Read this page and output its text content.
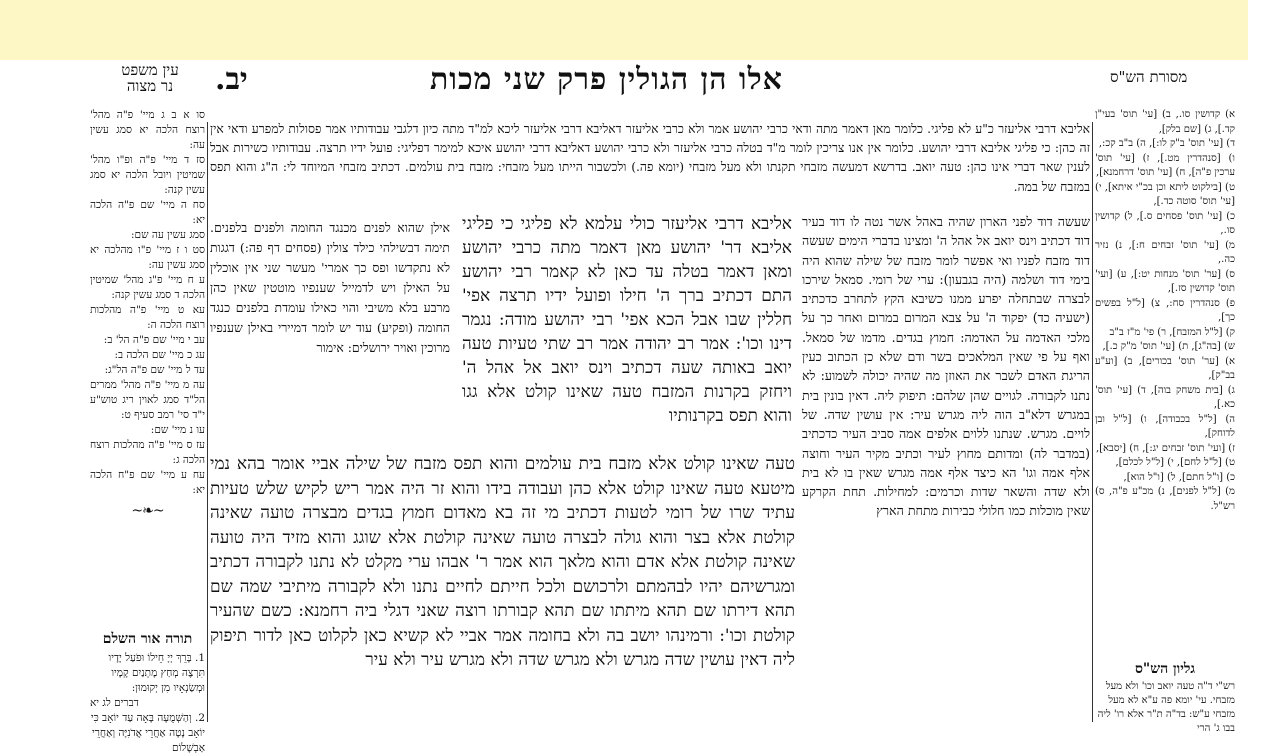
עין משפט
נר מצוה	יב.	אלו הן הגולין פרק שני מכות	מסורת הש"ס
א) קדושין סו., ב) [עי' תוס' בעי"ן קד.], ג) [שם בלק],
ד) [עי' תוס' ב"ק לו:], ה) ב"ב קכ:,
ו) [סנהדרין מט.], ז) [עי' תוס' ערכין פ"ה], ח) [עי' תוס' דרחמנא],
ט) [בילקוט ליתא וכן בכ"י איתא], י) [עי' תוס' סוטה כד.],
כ) [עי' תוס' פסחים ס.], ל) קדושין סו.,
מ) [עי' תוס' זבחים ח:], נ) נזיר כה.,
ס) [ער' תוס' מנחות יט:], ע) [ועי' תוס' קדושין סז.],
פ) סנהדרין סח:, צ) [ל"ל בפשים כך],
ק) [ל"ל המזבח], ר) פי' מ"ז ב"ב
ש) [בה"ג], ת) [עי' תוס' מ"ק כ.],
א) [ער' תוס' בכורים], ב) [וע"ע בב"ק],
ג) [בית משחק בוה], ד) [עי' תוס' כא.],
ה) [ל"ל בכבודה], ו) [ל"ל ובן לדוחק],
ז) [ועי' תוס' זבחים יג:], ח) [יסבא],
ט) [ל"ל לחם], י) [ל"ל לכלם],
כ) [ו"ל חתם], ל) [ו"ל הוא],
מ) [ל"ל לפנים], נ) מכ"ע פ"ה, ס) רש"ל.
גליון הש"ס
רש"י ד"ה טעה יואב וכו' ולא מעל מזבחי. עי' יומא פה ע"א לא מעל מזבחי ע"ש: בד"ה ת"ר אלא רו' ליה בבו ג' הרי
אליבא דרבי אליעזר כ"ע לא פליגי. כלומר מאן דאמר מתה ודאי כרבי יהושע אמר ולא כרבי אליעזר דאליבא דרבי אליעזר ליכא למ"ד מתה כיון דלגבי עבודותיו אמר פסולות למפרע ודאי אין זה כהן: כי פליגי אליבא דרבי יהושע. כלומר אין אנו צריכין לומר מ"ד בטלה כרבי אליעזר ולא כרבי יהושע דאליבא דרבי יהושע איכא למימר דפליגי: פועל ידיו תרצה. עבודותיו כשירות אבל לענין שאר דברי אינו כהן: טעה יואב. בדרשא דמעשה מזבחי תקנתו ולא מעל מזבחי (יומא פה.) ולכשבור הייתו מעל מזבחי: מזבח בית עולמים. דכתיב מזבחי המיוחד לי: ה"ג והוא תפס במזבח של במה.
שעשה דוד לפני הארון שהיה באהל אשר נטה לו דוד בעיר דוד דכתיב וינס יואב אל אהל ה' ומצינו בדברי הימים שעשה דוד מזבח לפניו ואי אפשר לומר מזבח של שילה שהוא היה בימי דוד ושלמה (היה בגבעון): ערי של רומי. סמאל שירכו לבצרה שבתחלה יפרע ממנו כשיבא הקץ לתחרב כדכתיב (ישעיה כד) יפקוד ה' על צבא המרום במרום ואחר כך על מלכי האדמה על האדמה: חמוץ בגדים. מדמו של סמאל. ואף על פי שאין המלאכים בשר ודם שלא כן הכתוב כעין הריגת האדם לשבר את האוזן מה שהיה יכולה לשמוע: לא נתנו לקבורה. לגויים שהן שלהם: תיפוק ליה. דאין בונין בית במגרש דלא"ב הוה ליה מגרש עיר: אין עושין שדה. של לויים. מגרש. שנתנו ללוים אלפים אמה סביב העיר כדכתיב (במדבר לה) ומדותם מחוץ לעיר וכתיב מקיר העיר וחוצה אלף אמה וגו' הא כיצד אלף אמה מגרש שאין בו לא בית ולא שדה והשאר שדות וכרמים: למחילות. תחת הקרקע שאין מוכלות כמו חלולי כבירות מתחת הארץ
אליבא דרבי אליעזר כולי עלמא לא פליגי כי פליגי אליבא דר' יהושע מאן דאמר מתה כרבי יהושע ומאן דאמר בטלה עד כאן לא קאמר רבי יהושע התם דכתיב ברך ה' חילו ופועל ידיו תרצה אפי' חללין שבו אבל הכא אפי' רבי יהושע מודה: נגמר דינו וכו': אמר רב יהודה אמר רב שתי טעיות טעה יואב באותה שעה דכתיב וינס יואב אל אהל ה' ויחזק בקרנות המזבח טעה שאינו קולט אלא גגו והוא תפס בקרנותיו
אילן שהוא לפנים מכנגד החומה ולפנים בלפנים. תימה דבשילהי כילד צולין (פסחים דף פה:) דגגות לא נתקדשו ופס כך אמרי' מעשר שני אין אוכלין על האילן ויש לדמייל שענפיו מוטטין שאין כהן מרבע בלא משיבי והוי כאילו עומדת בלפנים כנגד החומה (ופקיע) עוד יש לומר דמיירי באילן שענפיו מרוכין ואויר ירושלים: אימור
טעה שאינו קולט אלא מזבח בית עולמים והוא תפס מזבח של שילה אביי אומר בהא נמי מיטעא טעה שאינו קולט אלא כהן ועבודה בידו והוא זר היה אמר ריש לקיש שלש טעיות עתיד שרו של רומי לטעות דכתיב מי זה בא מאדום חמוץ בגדים מבצרה טועה שאינה קולטת אלא בצר והוא גולה לבצרה טועה שאינה קולטת אלא שוגג והוא מזיד היה טועה שאינה קולטת אלא אדם והוא מלאך הוא אמר ר' אבהו ערי מקלט לא נתנו לקבורה דכתיב ומגרשיהם יהיו לבהמתם ולרכושם ולכל חייתם לחיים נתנו ולא לקבורה מיתיבי שמה שם תהא דירתו שם תהא מיתתו שם תהא קבורתו רוצה שאני דגלי ביה רחמנא: כשם שהעיר קולטת וכו': ורמינהו יושב בה ולא בחומה אמר אביי לא קשיא כאן לקלוט כאן לדור תיפוק ליה דאין עושין שדה מגרש ולא מגרש שדה ולא מגרש עיר ולא עיר
סו א ב ג מיי' פ"ה מהל' רוצח הלכה יא סמג עשין עה:
סז ד מיי' פ"ה ופ"ו מהל' שמיטין ויובל הלכה יא סמג עשין קנה:
סח ה מיי' שם פ"ה הלכה יא:
סמג עשין עה שם:
סט ו ז מיי' פ"ו מהלכה יא סמג עשין עה:
ע ח מיי' פ"ג מהל' שמיטין הלכה ד סמג עשין קנה:
עא ט מיי' פ"ה מהלכות רוצח הלכה ה:
עב י מיי' שם פ"ה הל' ב:
עג כ מיי' שם הלכה ב:
עד ל מיי' שם פ"ה הל"ג:
עה מ מיי' פ"ה מהל' ממרים הל"ד סמג לאוין ריג טוש"ע י"ד סי' רמב סעיף ט:
עו נ מיי' שם:
עז ס מיי' פ"ה מהלכות רוצח הלכה ג:
עח ע מיי' שם פ"ח הלכה יא:
~❧~
תורה אור השלם
1. בָּרֵךְ יְיָ חֵילוֹ וּפֹעַל יָדָיו תִּרְצֶה מְחַץ מָתְנַיִם קָמָיו וּמְשַׂנְאָיו מִן יְקוּמוּן:
דברים לג יא
2. וְהַשְּׁמֻעָה בָּאָה עַד יוֹאָב כִּי יוֹאָב נָטָה אַחֲרֵי אֲדֹנִיָּה וְאַחֲרֵי אַבְשָׁלוֹם
